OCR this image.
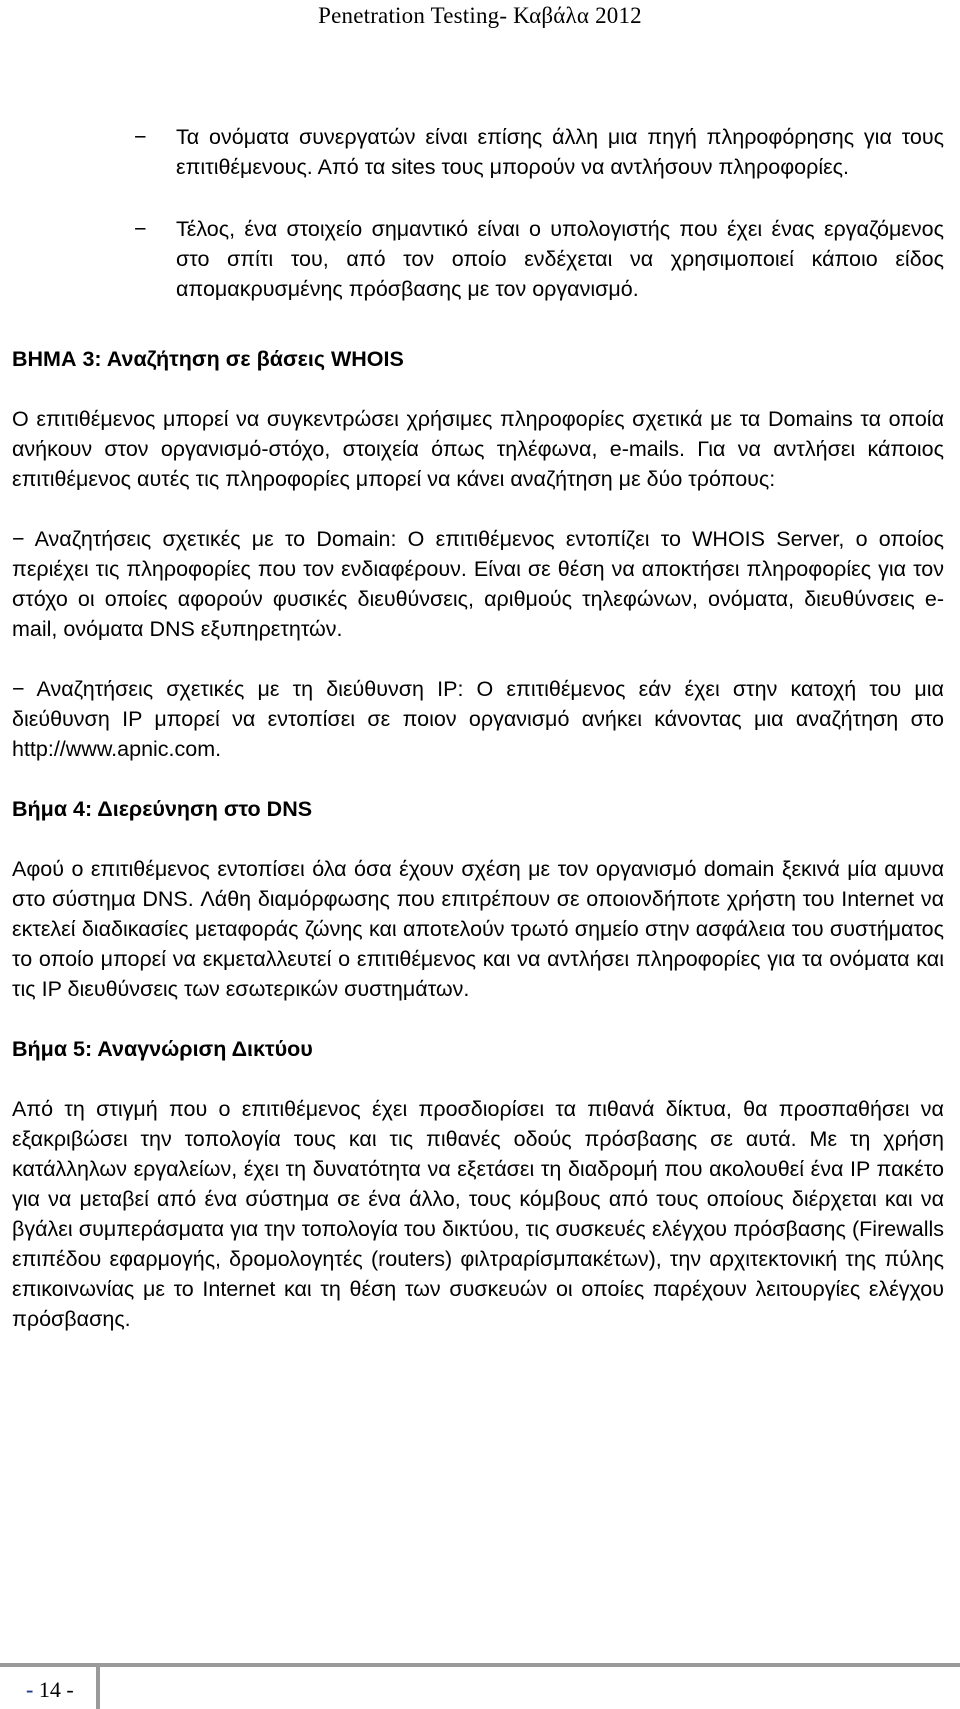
Penetration Testing- Καβάλα 2012
− Τα ονόματα συνεργατών είναι επίσης άλλη μια πηγή πληροφόρησης για τους επιτιθέμενους. Από τα sites τους μπορούν να αντλήσουν πληροφορίες.
− Τέλος, ένα στοιχείο σημαντικό είναι ο υπολογιστής που έχει ένας εργαζόμενος στο σπίτι του, από τον οποίο ενδέχεται να χρησιμοποιεί κάποιο είδος απομακρυσμένης πρόσβασης με τον οργανισμό.
ΒΗΜΑ 3: Αναζήτηση σε βάσεις WHOIS
Ο επιτιθέμενος μπορεί να συγκεντρώσει χρήσιμες πληροφορίες σχετικά με τα Domains τα οποία ανήκουν στον οργανισμό-στόχο, στοιχεία όπως τηλέφωνα, e-mails. Για να αντλήσει κάποιος επιτιθέμενος αυτές τις πληροφορίες μπορεί να κάνει αναζήτηση με δύο τρόπους:
− Αναζητήσεις σχετικές με το Domain: Ο επιτιθέμενος εντοπίζει το WHOIS Server, ο οποίος περιέχει τις πληροφορίες που τον ενδιαφέρουν. Είναι σε θέση να αποκτήσει πληροφορίες για τον στόχο οι οποίες αφορούν φυσικές διευθύνσεις, αριθμούς τηλεφώνων, ονόματα, διευθύνσεις e-mail, ονόματα DNS εξυπηρετητών.
− Αναζητήσεις σχετικές με τη διεύθυνση IP: Ο επιτιθέμενος εάν έχει στην κατοχή του μια διεύθυνση IP μπορεί να εντοπίσει σε ποιον οργανισμό ανήκει κάνοντας μια αναζήτηση στο http://www.apnic.com.
Βήμα 4: Διερεύνηση στο DNS
Αφού ο επιτιθέμενος εντοπίσει όλα όσα έχουν σχέση με τον οργανισμό domain ξεκινά μία αμυνα στο σύστημα DNS. Λάθη διαμόρφωσης που επιτρέπουν σε οποιονδήποτε χρήστη του Internet να εκτελεί διαδικασίες μεταφοράς ζώνης και αποτελούν τρωτό σημείο στην ασφάλεια του συστήματος το οποίο μπορεί να εκμεταλλευτεί ο επιτιθέμενος και να αντλήσει πληροφορίες για τα ονόματα και τις IP διευθύνσεις των εσωτερικών συστημάτων.
Βήμα 5: Αναγνώριση Δικτύου
Από τη στιγμή που ο επιτιθέμενος έχει προσδιορίσει τα πιθανά δίκτυα, θα προσπαθήσει να εξακριβώσει την τοπολογία τους και τις πιθανές οδούς πρόσβασης σε αυτά. Με τη χρήση κατάλληλων εργαλείων, έχει τη δυνατότητα να εξετάσει τη διαδρομή που ακολουθεί ένα IP πακέτο για να μεταβεί από ένα σύστημα σε ένα άλλο, τους κόμβους από τους οποίους διέρχεται και να βγάλει συμπεράσματα για την τοπολογία του δικτύου, τις συσκευές ελέγχου πρόσβασης (Firewalls επιπέδου εφαρμογής, δρομολογητές (routers) φιλτραρίσμπακέτων), την αρχιτεκτονική της πύλης επικοινωνίας με το Internet και τη θέση των συσκευών οι οποίες παρέχουν λειτουργίες ελέγχου πρόσβασης.
- 14 -
